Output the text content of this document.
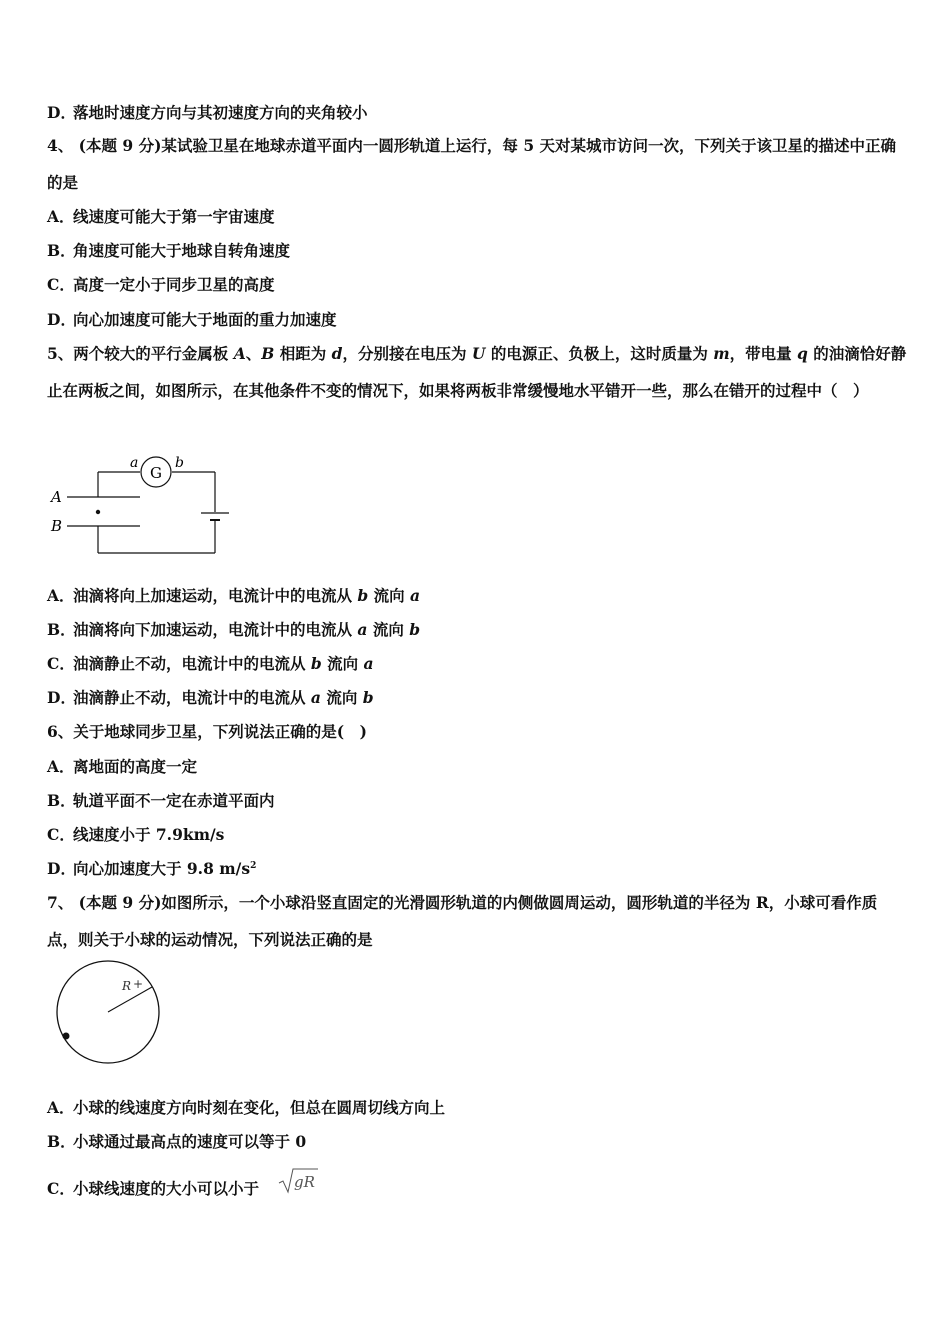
D．落地时速度方向与其初速度方向的夹角较小
4、 (本题 9 分)某试验卫星在地球赤道平面内一圆形轨道上运行，每 5 天对某城市访问一次，下列关于该卫星的描述中正确的是
A．线速度可能大于第一宇宙速度
B．角速度可能大于地球自转角速度
C．高度一定小于同步卫星的高度
D．向心加速度可能大于地面的重力加速度
5、两个较大的平行金属板 A、B 相距为 d，分别接在电压为 U 的电源正、负极上，这时质量为 m，带电量 q 的油滴恰好静止在两板之间，如图所示，在其他条件不变的情况下，如果将两板非常缓慢地水平错开一些，那么在错开的过程中（　）
G
a	b
A
B
A．油滴将向上加速运动，电流计中的电流从 b 流向 a
B．油滴将向下加速运动，电流计中的电流从 a 流向 b
C．油滴静止不动，电流计中的电流从 b 流向 a
D．油滴静止不动，电流计中的电流从 a 流向 b
6、关于地球同步卫星，下列说法正确的是(　)
A．离地面的高度一定
B．轨道平面不一定在赤道平面内
C．线速度小于 7.9km/s
D．向心加速度大于 9.8 $m/s^2$
7、 (本题 9 分)如图所示，一个小球沿竖直固定的光滑圆形轨道的内侧做圆周运动，圆形轨道的半径为 R，小球可看作质点，则关于小球的运动情况，下列说法正确的是
R +
A．小球的线速度方向时刻在变化，但总在圆周切线方向上
B．小球通过最高点的速度可以等于 0
C．小球线速度的大小可以小于 gR
